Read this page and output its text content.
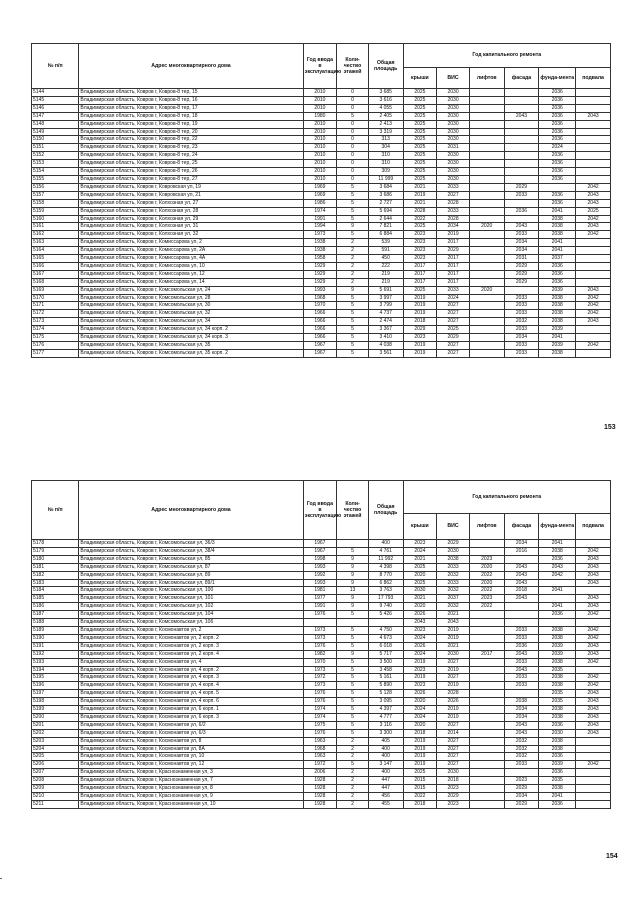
№ п/п	Адрес многоквартирного дома	Год ввода в эксплуатацию	Коли-чество этажей	Общая площадь	Год капитального ремонта					
					крыши	ВИС	лифтов	фасада	фунда-мента	подвала
5144	Владимирская область, Ковров г, Ковров-8 тер, 15	2010	0	3 685	2025	2030			2036	
5145	Владимирская область, Ковров г, Ковров-8 тер, 16	2010	0	3 616	2025	2030			2036	
5146	Владимирская область, Ковров г, Ковров-8 тер, 17	2010	0	4 055	2025	2030			2036	
5147	Владимирская область, Ковров г, Ковров-8 тер, 18	1980	5	2 405	2025	2030		2043	2036	2043
5148	Владимирская область, Ковров г, Ковров-8 тер, 19	2010	0	2 413	2025	2030			2036	
5149	Владимирская область, Ковров г, Ковров-8 тер, 20	2010	0	3 319	2025	2030			2036	
5150	Владимирская область, Ковров г, Ковров-8 тер, 22	2010	0	313	2025	2030			2036	
5151	Владимирская область, Ковров г, Ковров-8 тер, 23	2010	0	304	2025	2031			2024	
5152	Владимирская область, Ковров г, Ковров-8 тер, 24	2010	0	310	2025	2030			2036	
5153	Владимирская область, Ковров г, Ковров-8 тер, 25	2010	0	310	2025	2030			2036	
5154	Владимирская область, Ковров г, Ковров-8 тер, 26	2010	0	309	2025	2030			2036	
5155	Владимирская область, Ковров г, Ковров-8 тер, 27	2010	0	11 999	2025	2030			2036	
5156	Владимирская область, Ковров г, Ковровская ул, 19	1969	5	3 684	2021	2033		2029		2042
5157	Владимирская область, Ковров г, Ковровская ул, 21	1969	5	3 686	2019	2027		2033	2036	2043
5158	Владимирская область, Ковров г, Колхозная ул, 27	1986	5	2 727	2021	2028			2036	2043
5159	Владимирская область, Ковров г, Колхозная ул, 28	1974	5	5 694	2028	2033		2036	2041	2025
5160	Владимирская область, Ковров г, Колхозная ул, 29	1991	5	2 644	2022	2028			2038	2042
5161	Владимирская область, Ковров г, Колхозная ул, 31	1994	9	7 821	2025	2034	2020	2043	2038	2043
5162	Владимирская область, Ковров г, Колхозная ул, 32	1973	5	6 884	2023	2019		2033	2038	2042
5163	Владимирская область, Ковров г, Комиссарова ул, 2	1938	2	539	2023	2017		2034	2041	
5164	Владимирская область, Ковров г, Комиссарова ул, 2А	1938	2	591	2023	2029		2034	2041	
5165	Владимирская область, Ковров г, Комиссарова ул, 4А	1958	2	450	2023	2017		2031	2037	
5166	Владимирская область, Ковров г, Комиссарова ул, 10	1929	2	222	2017	2017		2029	2036	
5167	Владимирская область, Ковров г, Комиссарова ул, 12	1929	2	219	2017	2017		2029	2036	
5168	Владимирская область, Ковров г, Комиссарова ул, 14	1929	2	219	2017	2017		2029	2036	
5169	Владимирская область, Ковров г, Комсомольская ул, 24	1993	9	5 691	2025	2033	2020		2039	2043
5170	Владимирская область, Ковров г, Комсомольская ул, 28	1968	5	3 997	2019	2024		2033	2038	2042
5171	Владимирская область, Ковров г, Комсомольская ул, 30	1970	5	3 799	2019	2027		2033	2038	2042
5172	Владимирская область, Ковров г, Комсомольская ул, 32	1966	5	4 737	2019	2027		2033	2038	2042
5173	Владимирская область, Ковров г, Комсомольская ул, 34	1966	5	2 474	2018	2027		2032	2038	2043
5174	Владимирская область, Ковров г, Комсомольская ул, 34 корп. 2	1966	5	3 367	2029	2025		2033	2039	
5175	Владимирская область, Ковров г, Комсомольская ул, 34 корп. 3	1966	5	3 410	2023	2029		2034	2041	
5176	Владимирская область, Ковров г, Комсомольская ул, 35	1967	5	4 038	2019	2027		2033	2039	2042
5177	Владимирская область, Ковров г, Комсомольская ул, 35 корп. 2	1967	5	3 561	2019	2027		2033	2038	
153
№ п/п	Адрес многоквартирного дома	Год ввода в эксплуатацию	Коли-чество этажей	Общая площадь	Год капитального ремонта					
					крыши	ВИС	лифтов	фасада	фунда-мента	подвала
5178	Владимирская область, Ковров г, Комсомольская ул, 36/3	1967		400	2023	2029		2034	2041	
5179	Владимирская область, Ковров г, Комсомольская ул, 38/4	1967	5	4 761	2024	2030		2016	2038	2042
5180	Владимирская область, Ковров г, Комсомольская ул, 85	1998	9	11 992	2021	2038	2023		2036	2043
5181	Владимирская область, Ковров г, Комсомольская ул, 87	1993	9	4 398	2025	2033	2020	2043	2043	2043
5182	Владимирская область, Ковров г, Комсомольская ул, 89	1992	9	8 770	2020	2032	2022	2043	2042	2043
5183	Владимирская область, Ковров г, Комсомольская ул, 89/1	1993	9	6 862	2025	2033	2020	2043		2043
5184	Владимирская область, Ковров г, Комсомольская ул, 100	1981	13	3 763	2030	2032	2022	2018	2041	
5185	Владимирская область, Ковров г, Комсомольская ул, 101	1977	9	17 793	2021	2037	2023	2043		2043
5186	Владимирская область, Ковров г, Комсомольская ул, 102	1991	9	9 740	2020	2032	2022		2041	2043
5187	Владимирская область, Ковров г, Комсомольская ул, 104	1976	5	5 426	2026	2021			2036	2042
5188	Владимирская область, Ковров г, Комсомольская ул, 106				2043	2043				
5189	Владимирская область, Ковров г, Космонавтов ул, 2	1973	5	4 750	2023	2019		2033	2038	2042
5190	Владимирская область, Ковров г, Космонавтов ул, 2 корп. 2	1973	5	4 673	2024	2019		2033	2038	2042
5191	Владимирская область, Ковров г, Космонавтов ул, 2 корп. 3	1976	5	6 018	2026	2021		2036	2039	2043
5192	Владимирская область, Ковров г, Космонавтов ул, 2 корп. 4	1982	9	5 717	2024	2030	2017	2043	2039	2043
5193	Владимирская область, Ковров г, Космонавтов ул, 4	1970	5	3 500	2019	2027		2033	2038	2042
5194	Владимирская область, Ковров г, Космонавтов ул, 4 корп. 2	1973	5	3 458	2023	2019		2043	2035	
5195	Владимирская область, Ковров г, Космонавтов ул, 4 корп. 3	1972	5	5 161	2019	2027		2033	2038	2042
5196	Владимирская область, Ковров г, Космонавтов ул, 4 корп. 4	1973	5	5 890	2023	2019		2033	2038	2042
5197	Владимирская область, Ковров г, Космонавтов ул, 4 корп. 5	1976	5	5 128	2026	2028			2035	2043
5198	Владимирская область, Ковров г, Космонавтов ул, 4 корп. 6	1976	5	3 095	2020	2026		2038	2035	2043
5199	Владимирская область, Ковров г, Космонавтов ул, 6 корп. 1	1974	5	4 397	2024	2019		2034	2038	2043
5200	Владимирская область, Ковров г, Космонавтов ул, 6 корп. 3	1974	5	4 777	2024	2019		2034	2038	2043
5201	Владимирская область, Ковров г, Космонавтов ул, 6/2	1975	5	3 116	2020	2027		2043	2036	2043
5202	Владимирская область, Ковров г, Космонавтов ул, 6/3	1976	5	3 300	2018	2014		2043	2030	2043
5203	Владимирская область, Ковров г, Космонавтов ул, 8	1963	2	405	2019	2027		2032	2038	
5204	Владимирская область, Ковров г, Космонавтов ул, 8А	1968	2	400	2019	2027		2032	2038	
5205	Владимирская область, Ковров г, Космонавтов ул, 10	1963	2	400	2019	2027		2032	2036	
5206	Владимирская область, Ковров г, Космонавтов ул, 12	1972	5	3 147	2019	2027		2033	2039	2042
5207	Владимирская область, Ковров г, Краснознаменная ул, 3	2006	2	400	2025	2030			2036	
5208	Владимирская область, Ковров г, Краснознаменная ул, 7	1928	2	447	2015	2018		2023	2035	
5209	Владимирская область, Ковров г, Краснознаменная ул, 8	1928	2	447	2015	2023		2029	2038	
5210	Владимирская область, Ковров г, Краснознаменная ул, 9	1928	2	456	2022	2029		2034	2041	
5211	Владимирская область, Ковров г, Краснознаменная ул, 10	1928	2	455	2018	2023		2029	2036	
154
